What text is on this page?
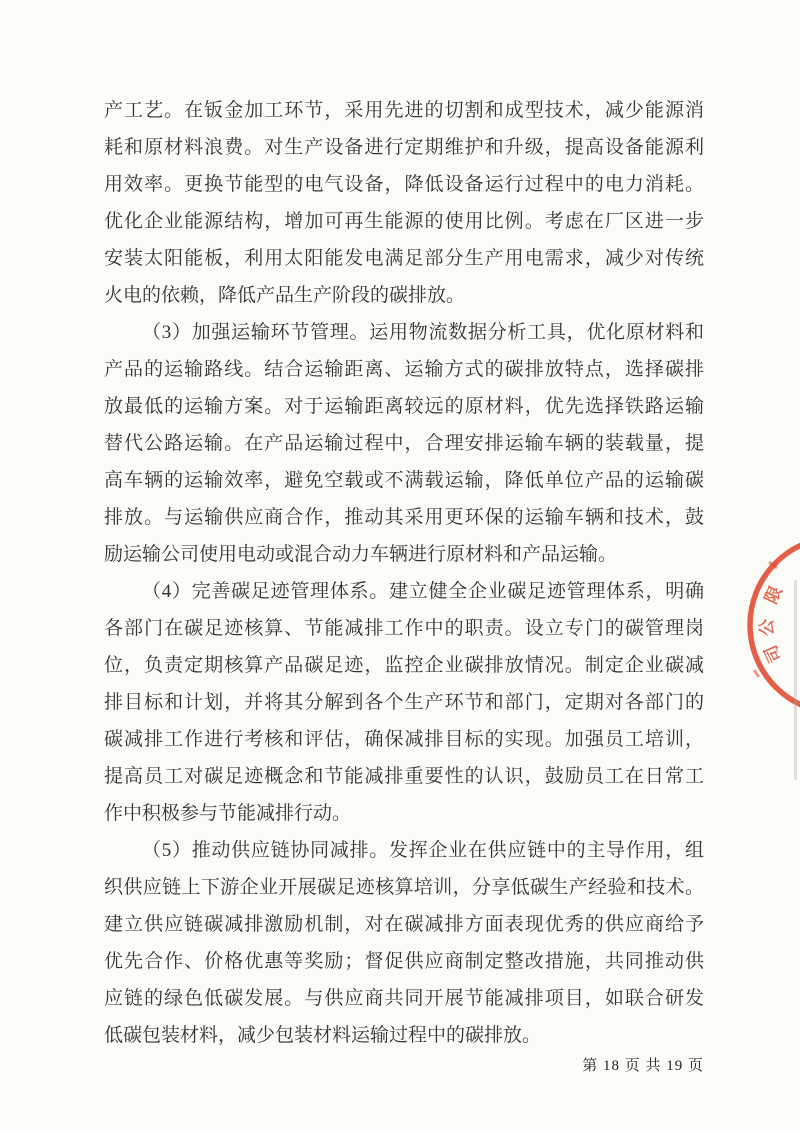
产工艺。在钣金加工环节，采用先进的切割和成型技术，减少能源消
耗和原材料浪费。对生产设备进行定期维护和升级，提高设备能源利
用效率。更换节能型的电气设备，降低设备运行过程中的电力消耗。
优化企业能源结构，增加可再生能源的使用比例。考虑在厂区进一步
安装太阳能板，利用太阳能发电满足部分生产用电需求，减少对传统
火电的依赖，降低产品生产阶段的碳排放。
（3）加强运输环节管理。运用物流数据分析工具，优化原材料和
产品的运输路线。结合运输距离、运输方式的碳排放特点，选择碳排
放最低的运输方案。对于运输距离较远的原材料，优先选择铁路运输
替代公路运输。在产品运输过程中，合理安排运输车辆的装载量，提
高车辆的运输效率，避免空载或不满载运输，降低单位产品的运输碳
排放。与运输供应商合作，推动其采用更环保的运输车辆和技术，鼓
励运输公司使用电动或混合动力车辆进行原材料和产品运输。
（4）完善碳足迹管理体系。建立健全企业碳足迹管理体系，明确
各部门在碳足迹核算、节能减排工作中的职责。设立专门的碳管理岗
位，负责定期核算产品碳足迹，监控企业碳排放情况。制定企业碳减
排目标和计划，并将其分解到各个生产环节和部门，定期对各部门的
碳减排工作进行考核和评估，确保减排目标的实现。加强员工培训，
提高员工对碳足迹概念和节能减排重要性的认识，鼓励员工在日常工
作中积极参与节能减排行动。
（5）推动供应链协同减排。发挥企业在供应链中的主导作用，组
织供应链上下游企业开展碳足迹核算培训，分享低碳生产经验和技术。
建立供应链碳减排激励机制，对在碳减排方面表现优秀的供应商给予
优先合作、价格优惠等奖励；督促供应商制定整改措施，共同推动供
应链的绿色低碳发展。与供应商共同开展节能减排项目，如联合研发
低碳包装材料，减少包装材料运输过程中的碳排放。
第 18 页 共 19 页
限
公
司
